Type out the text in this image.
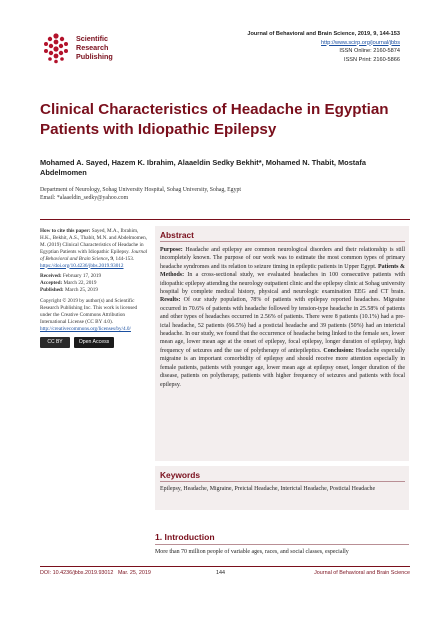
Scientific
Research
Publishing
Journal of Behavioral and Brain Science, 2019, 9, 144-153
http://www.scirp.org/journal/jbbs
ISSN Online: 2160-5874
ISSN Print: 2160-5866
Clinical Characteristics of Headache in Egyptian Patients with Idiopathic Epilepsy
Mohamed A. Sayed, Hazem K. Ibrahim, Alaaeldin Sedky Bekhit*, Mohamed N. Thabit, Mostafa Abdelmomen
Department of Neurology, Sohag University Hospital, Sohag University, Sohag, Egypt
Email: *alaaeldin_sedky@yahoo.com

How to cite this paper: Sayed, M.A., Ibrahim, H.K., Bekhit, A.S., Thabit, M.N. and Abdelmomen, M. (2019) Clinical Characteristics of Headache in Egyptian Patients with Idiopathic Epilepsy. Journal of Behavioral and Brain Science, 9, 144-153.
https://doi.org/10.4236/jbbs.2019.93012

Received: February 17, 2019
Accepted: March 22, 2019
Published: March 25, 2019

Copyright © 2019 by author(s) and Scientific Research Publishing Inc. This work is licensed under the Creative Commons Attribution International License (CC BY 4.0).
http://creativecommons.org/licenses/by/4.0/

CC BY	Open Access
Abstract
Purpose: Headache and epilepsy are common neurological disorders and their relationship is still incompletely known. The purpose of our work was to estimate the most common types of primary headache syndromes and its relation to seizure timing in epileptic patients in Upper Egypt. Patients & Methods: In a cross-sectional study, we evaluated headaches in 100 consecutive patients with idiopathic epilepsy attending the neurology outpatient clinic and the epilepsy clinic at Sohag university hospital by complete medical history, physical and neurologic examination EEG and CT brain. Results: Of our study population, 78% of patients with epilepsy reported headaches. Migraine occurred in 70.6% of patients with headache followed by tension-type headache in 25.58% of patients and other types of headaches occurred in 2.56% of patients. There were 8 patients (10.1%) had a pre-ictal headache, 52 patients (66.5%) had a postictal headache and 39 patients (50%) had an interictal headache. In our study, we found that the occurrence of headache being linked to the female sex, lower mean age, lower mean age at the onset of epilepsy, focal epilepsy, longer duration of epilepsy, high frequency of seizures and the use of polytherapy of antiepileptics. Conclusion: Headache especially migraine is an important comorbidity of epilepsy and should receive more attention especially in female patients, patients with younger age, lower mean age at epilepsy onset, longer duration of the disease, patients on polytherapy, patients with higher frequency of seizures and patients with focal epilepsy.
Keywords
Epilepsy, Headache, Migraine, Preictal Headache, Interictal Headache, Postictal Headache
1. Introduction
More than 70 million people of variable ages, races, and social classes, especially
DOI: 10.4236/jbbs.2019.93012 Mar. 25, 2019	144	Journal of Behavioral and Brain Science
